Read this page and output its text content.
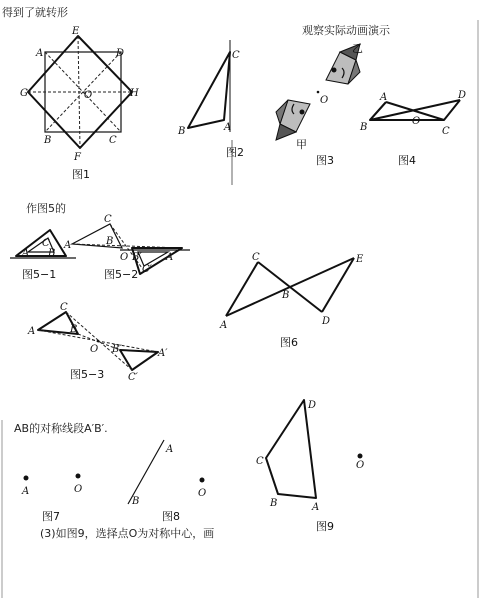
得到了就转形
观察实际动画演示
作图5的
AB的对称线段A′B′.
(3)如图9，选择点O为对称中心，画
A	D
E
G	H
O
B	C
F
图1
C
B	A
图2
O
乙
甲
图3
A
B
O
C
D
图4
A
C
B
图5−1
A
C
B
O B′ A′
C′
图5−2
A
C
B
O B′	A′
C′
图5−3
A
C
B
D
E
图6
A	O
图7
A
B
O
图8
D
C
B	A
O
图9
